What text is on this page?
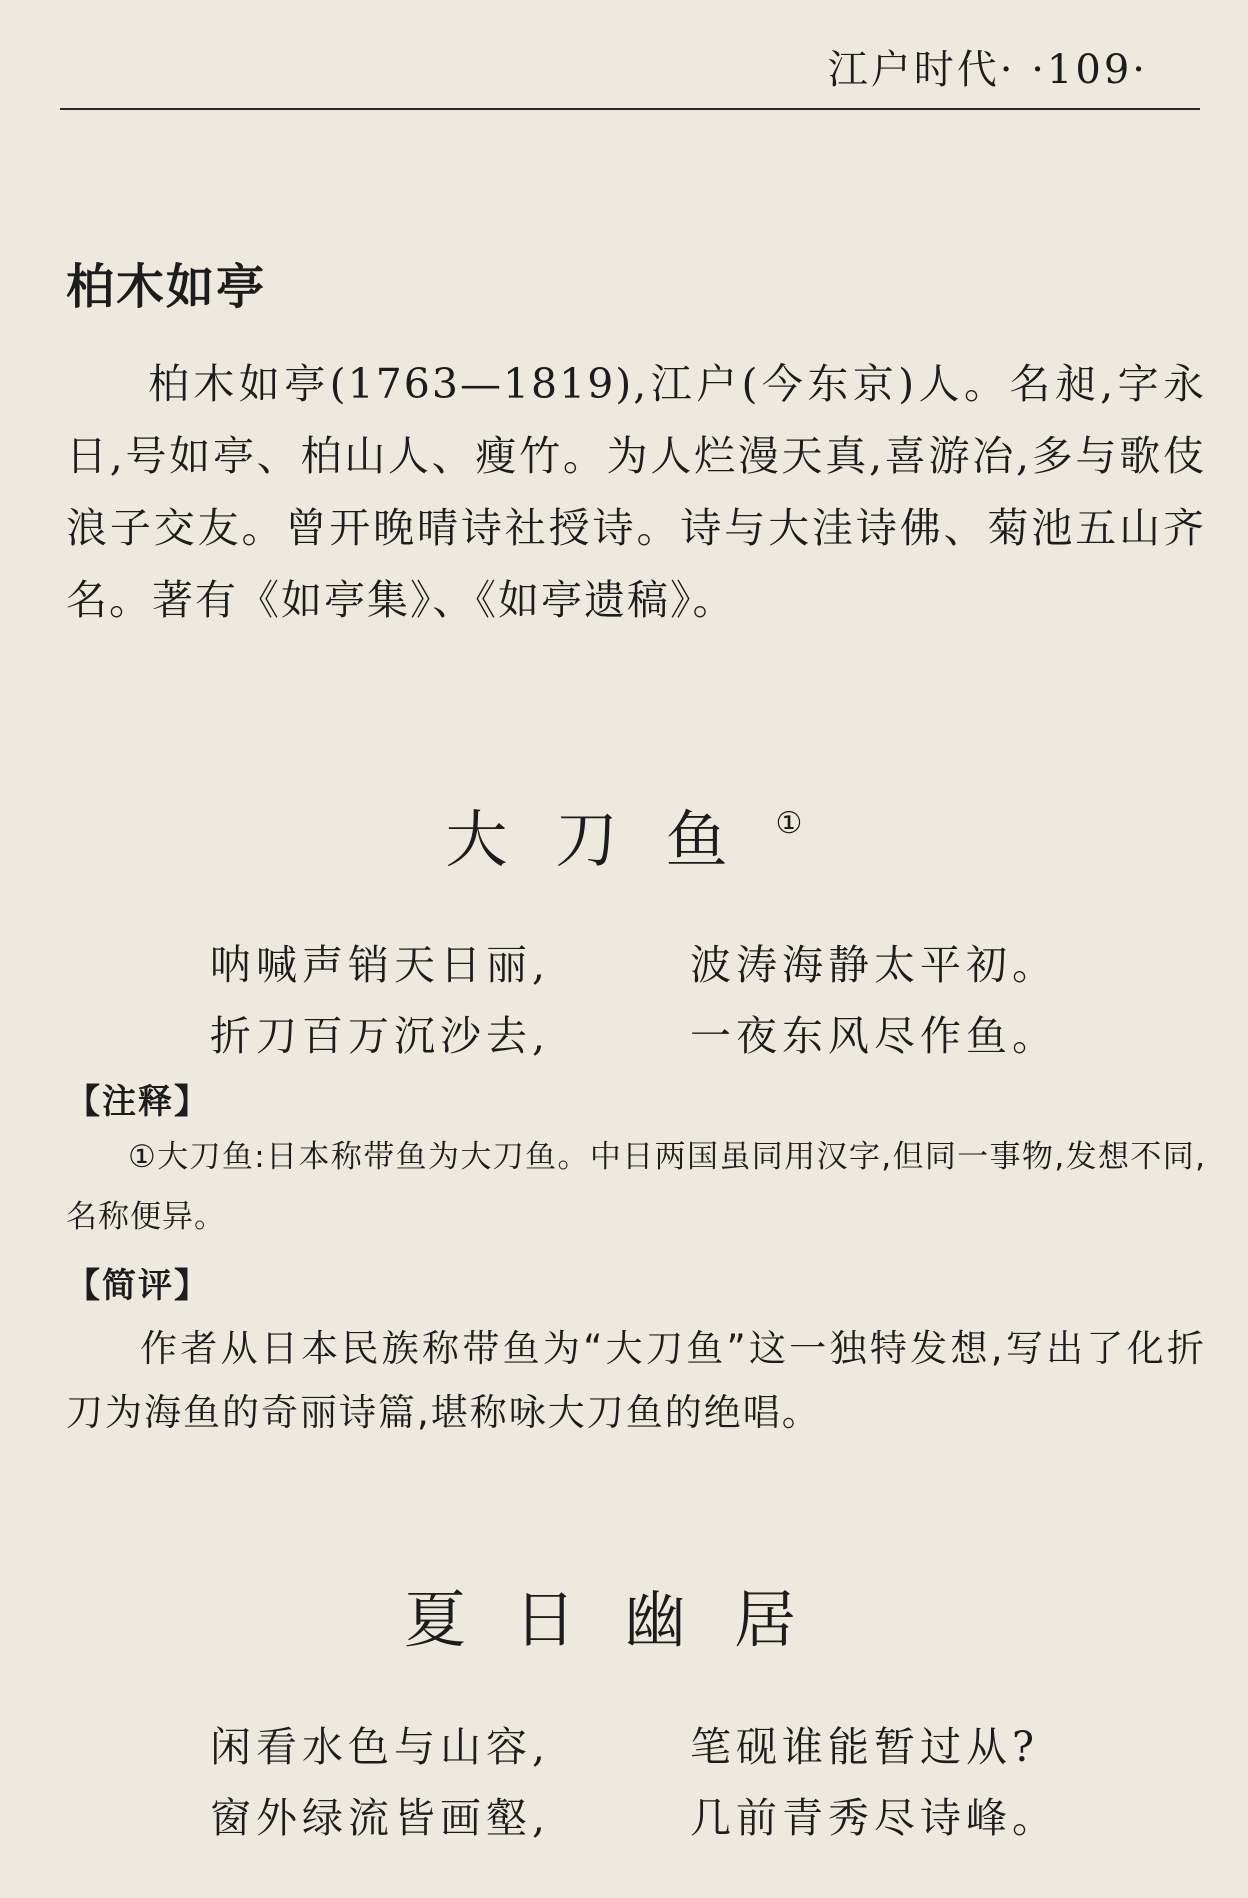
江户时代· ·109·
柏木如亭

柏木如亭(1763—1819),江户(今东京)人。名昶,字永日,号如亭、柏山人、瘦竹。为人烂漫天真,喜游冶,多与歌伎浪子交友。曾开晚晴诗社授诗。诗与大洼诗佛、菊池五山齐名。著有《如亭集》、《如亭遗稿》。

大刀鱼①
呐喊声销天日丽,	波涛海静太平初。
折刀百万沉沙去,	一夜东风尽作鱼。
【注释】

①大刀鱼:日本称带鱼为大刀鱼。中日两国虽同用汉字,但同一事物,发想不同,名称便异。

【简评】

作者从日本民族称带鱼为“大刀鱼”这一独特发想,写出了化折刀为海鱼的奇丽诗篇,堪称咏大刀鱼的绝唱。

夏日幽居
闲看水色与山容,	笔砚谁能暂过从?
窗外绿流皆画壑,	几前青秀尽诗峰。
